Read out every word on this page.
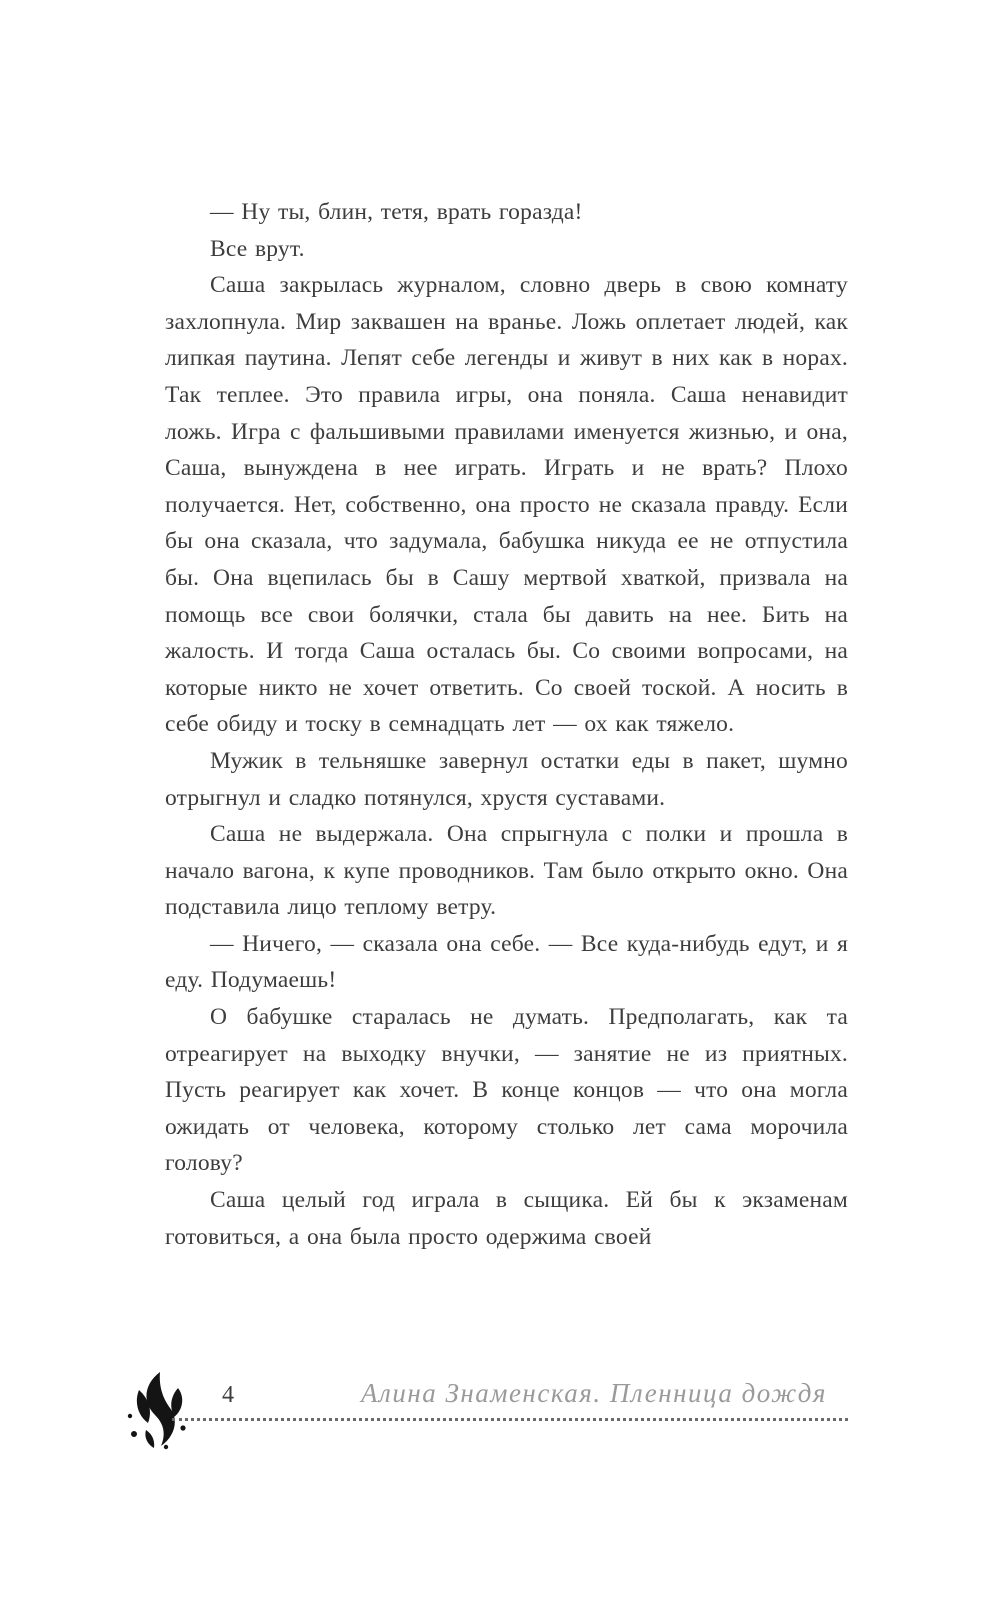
— Ну ты, блин, тетя, врать горазда!

Все врут.

Саша закрылась журналом, словно дверь в свою комнату захлопнула. Мир заквашен на вранье. Ложь оплетает людей, как липкая паутина. Лепят себе легенды и живут в них как в норах. Так теплее. Это правила игры, она поняла. Саша ненавидит ложь. Игра с фальшивыми правилами именуется жизнью, и она, Саша, вынуждена в нее играть. Играть и не врать? Плохо получается. Нет, собственно, она просто не сказала правду. Если бы она сказала, что задумала, бабушка никуда ее не отпустила бы. Она вцепилась бы в Сашу мертвой хваткой, призвала на помощь все свои болячки, стала бы давить на нее. Бить на жалость. И тогда Саша осталась бы. Со своими вопросами, на которые никто не хочет ответить. Со своей тоской. А носить в себе обиду и тоску в семнадцать лет — ох как тяжело.

Мужик в тельняшке завернул остатки еды в пакет, шумно отрыгнул и сладко потянулся, хрустя суставами.

Саша не выдержала. Она спрыгнула с полки и прошла в начало вагона, к купе проводников. Там было открыто окно. Она подставила лицо теплому ветру.

— Ничего, — сказала она себе. — Все куда-нибудь едут, и я еду. Подумаешь!

О бабушке старалась не думать. Предполагать, как та отреагирует на выходку внучки, — занятие не из приятных. Пусть реагирует как хочет. В конце концов — что она могла ожидать от человека, которому столько лет сама морочила голову?

Саша целый год играла в сыщика. Ей бы к экзаменам готовиться, а она была просто одержима своей

4	Алина Знаменская. Пленница дождя
